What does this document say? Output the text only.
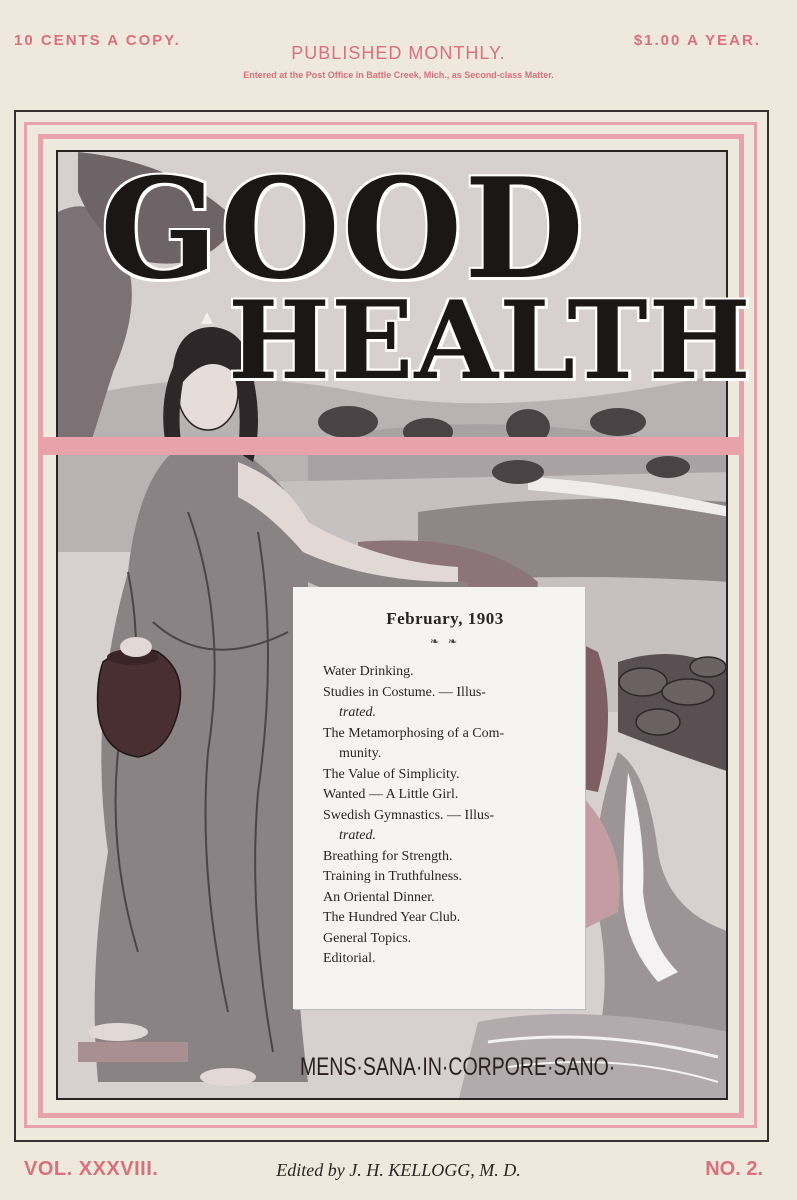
10 CENTS A COPY.
PUBLISHED MONTHLY.
$1.00 A YEAR.
Entered at the Post Office in Battle Creek, Mich., as Second-class Matter.
GOOD
HEALTH
February, 1903
❧ ❧
Water Drinking.
Studies in Costume. — Illus-
trated.
The Metamorphosing of a Com-
munity.
The Value of Simplicity.
Wanted — A Little Girl.
Swedish Gymnastics. — Illus-
trated.
Breathing for Strength.
Training in Truthfulness.
An Oriental Dinner.
The Hundred Year Club.
General Topics.
Editorial.
MENS·SANA·IN·CORPORE·SANO·
VOL. XXXVIII.	Edited by J. H. KELLOGG, M. D.	NO. 2.
